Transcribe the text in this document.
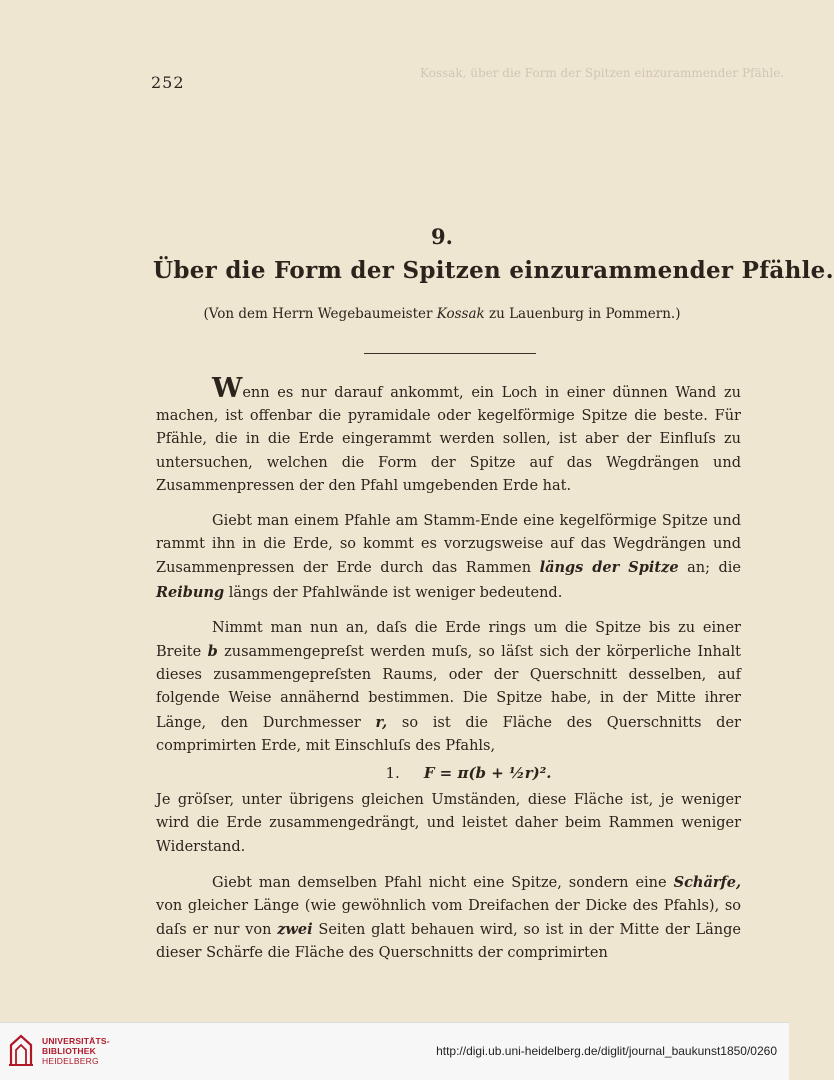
Kossak, über die Form der Spitzen einzurammender Pfähle.
252
9.
Über die Form der Spitzen einzurammender Pfähle.
(Von dem Herrn Wegebaumeister Kossak zu Lauenburg in Pommern.)

Wenn es nur darauf ankommt, ein Loch in einer dünnen Wand zu machen, ist offenbar die pyramidale oder kegelförmige Spitze die beste. Für Pfähle, die in die Erde eingerammt werden sollen, ist aber der Einfluſs zu untersuchen, welchen die Form der Spitze auf das Wegdrängen und Zusammenpressen der den Pfahl umgebenden Erde hat.

Giebt man einem Pfahle am Stamm-Ende eine kegelförmige Spitze und rammt ihn in die Erde, so kommt es vorzugsweise auf das Wegdrängen und Zusammenpressen der Erde durch das Rammen längs der Spitze an; die Reibung längs der Pfahlwände ist weniger bedeutend.

Nimmt man nun an, daſs die Erde rings um die Spitze bis zu einer Breite b zusammengepreſst werden muſs, so läſst sich der körperliche Inhalt dieses zusammengepreſsten Raums, oder der Querschnitt desselben, auf folgende Weise annähernd bestimmen. Die Spitze habe, in der Mitte ihrer Länge, den Durchmesser r, so ist die Fläche des Querschnitts der comprimirten Erde, mit Einschluſs des Pfahls,

1. F = π(b + ½r)².

Je gröſser, unter übrigens gleichen Umständen, diese Fläche ist, je weniger wird die Erde zusammengedrängt, und leistet daher beim Rammen weniger Widerstand.

Giebt man demselben Pfahl nicht eine Spitze, sondern eine Schärfe, von gleicher Länge (wie gewöhnlich vom Dreifachen der Dicke des Pfahls), so daſs er nur von zwei Seiten glatt behauen wird, so ist in der Mitte der Länge dieser Schärfe die Fläche des Querschnitts der comprimirten

UNIVERSITÄTS-
BIBLIOTHEK
HEIDELBERG
http://digi.ub.uni-heidelberg.de/diglit/journal_baukunst1850/0260
